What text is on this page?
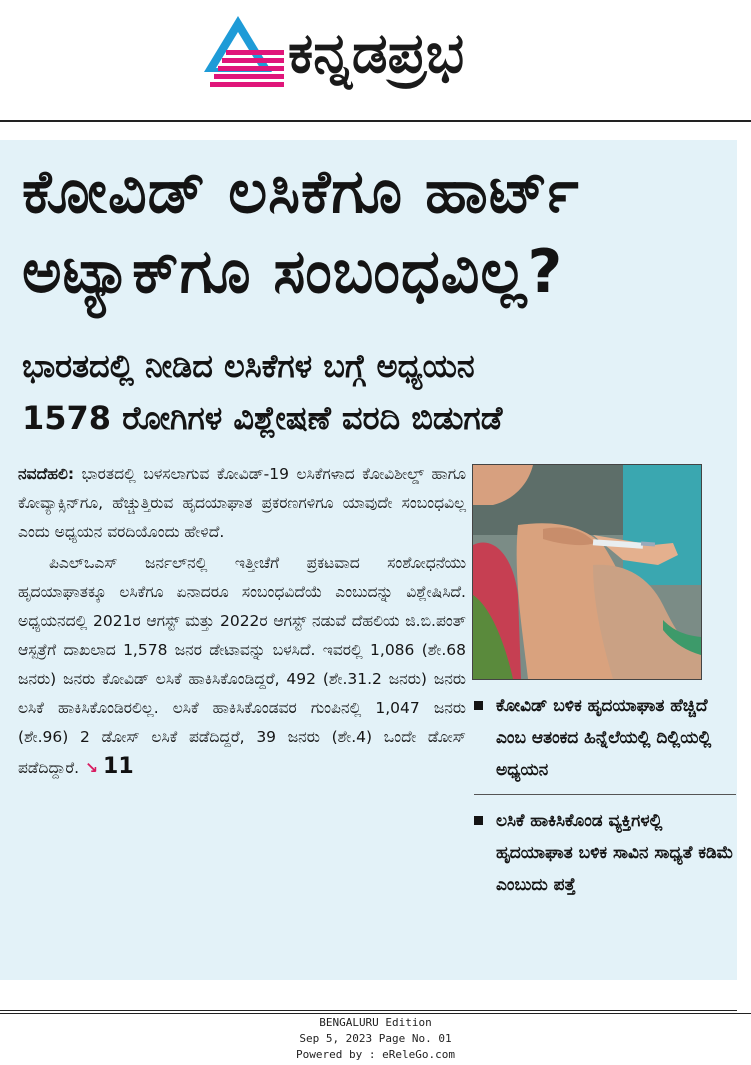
ಕನ್ನಡಪ್ರಭ
ಕೋವಿಡ್ ಲಸಿಕೆಗೂ ಹಾರ್ಟ್
ಅಟ್ಯಾಕ್‌ಗೂ ಸಂಬಂಧವಿಲ್ಲ?
ಭಾರತದಲ್ಲಿ ನೀಡಿದ ಲಸಿಕೆಗಳ ಬಗ್ಗೆ ಅಧ್ಯಯನ
1578 ರೋಗಿಗಳ ವಿಶ್ಲೇಷಣೆ ವರದಿ ಬಿಡುಗಡೆ

ನವದೆಹಲಿ: ಭಾರತದಲ್ಲಿ ಬಳಸಲಾಗುವ ಕೋವಿಡ್-19 ಲಸಿಕೆಗಳಾದ ಕೋವಿಶೀಲ್ಡ್ ಹಾಗೂ ಕೋವ್ಯಾಕ್ಸಿನ್‌ಗೂ, ಹೆಚ್ಚುತ್ತಿರುವ ಹೃದಯಾಘಾತ ಪ್ರಕರಣಗಳಿಗೂ ಯಾವುದೇ ಸಂಬಂಧವಿಲ್ಲ ಎಂದು ಅಧ್ಯಯನ ವರದಿಯೊಂದು ಹೇಳಿದೆ.

ಪಿಎಲ್‌ಒಎಸ್ ಜರ್ನಲ್‌ನಲ್ಲಿ ಇತ್ತೀಚೆಗೆ ಪ್ರಕಟವಾದ ಸಂಶೋಧನೆಯು ಹೃದಯಾಘಾತಕ್ಕೂ ಲಸಿಕೆಗೂ ಏನಾದರೂ ಸಂಬಂಧವಿದೆಯೆ ಎಂಬುದನ್ನು ವಿಶ್ಲೇಷಿಸಿದೆ. ಅಧ್ಯಯನದಲ್ಲಿ 2021ರ ಆಗಸ್ಟ್ ಮತ್ತು 2022ರ ಆಗಸ್ಟ್ ನಡುವೆ ದೆಹಲಿಯ ಜಿ.ಬಿ.ಪಂತ್ ಆಸ್ಪತ್ರೆಗೆ ದಾಖಲಾದ 1,578 ಜನರ ಡೇಟಾವನ್ನು ಬಳಸಿದೆ. ಇವರಲ್ಲಿ 1,086 (ಶೇ.68 ಜನರು) ಜನರು ಕೋವಿಡ್ ಲಸಿಕೆ ಹಾಕಿಸಿಕೊಂಡಿದ್ದರೆ, 492 (ಶೇ.31.2 ಜನರು) ಜನರು ಲಸಿಕೆ ಹಾಕಿಸಿಕೊಂಡಿರಲಿಲ್ಲ. ಲಸಿಕೆ ಹಾಕಿಸಿಕೊಂಡವರ ಗುಂಪಿನಲ್ಲಿ 1,047 ಜನರು (ಶೇ.96) 2 ಡೋಸ್ ಲಸಿಕೆ ಪಡೆದಿದ್ದರೆ, 39 ಜನರು (ಶೇ.4) ಒಂದೇ ಡೋಸ್ ಪಡೆದಿದ್ದಾರೆ. ↘ 11

ಕೋವಿಡ್ ಬಳಿಕ ಹೃದಯಾಘಾತ ಹೆಚ್ಚಿದೆ ಎಂಬ ಆತಂಕದ ಹಿನ್ನೆಲೆಯಲ್ಲಿ ದಿಲ್ಲಿಯಲ್ಲಿ ಅಧ್ಯಯನ
ಲಸಿಕೆ ಹಾಕಿಸಿಕೊಂಡ ವ್ಯಕ್ತಿಗಳಲ್ಲಿ ಹೃದಯಾಘಾತ ಬಳಿಕ ಸಾವಿನ ಸಾಧ್ಯತೆ ಕಡಿಮೆ ಎಂಬುದು ಪತ್ತೆ
BENGALURU Edition
Sep 5, 2023 Page No. 01
Powered by : eReleGo.com
